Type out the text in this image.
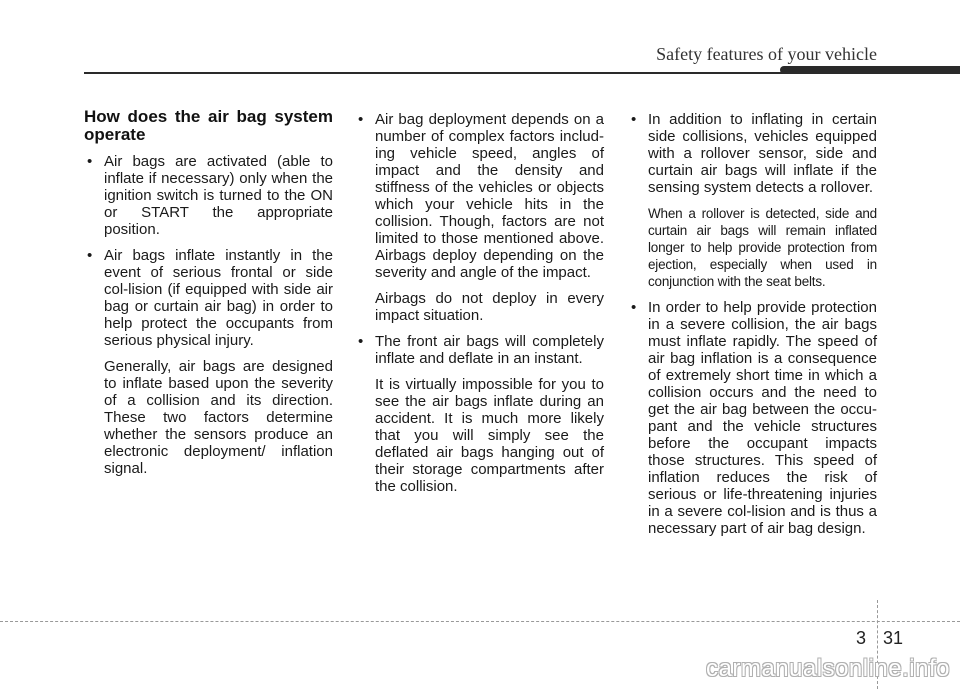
Safety features of your vehicle
How does the air bag system operate
• Air bags are activated (able to inflate if necessary) only when the ignition switch is turned to the ON or START the appropriate position.
• Air bags inflate instantly in the event of serious frontal or side col-lision (if equipped with side air bag or curtain air bag) in order to help protect the occupants from serious physical injury.
Generally, air bags are designed to inflate based upon the severity of a collision and its direction. These two factors determine whether the sensors produce an electronic deployment/ inflation signal.
• Air bag deployment depends on a number of complex factors includ-ing vehicle speed, angles of impact and the density and stiffness of the vehicles or objects which your vehicle hits in the collision. Though, factors are not limited to those mentioned above. Airbags deploy depending on the severity and angle of the impact.
Airbags do not deploy in every impact situation.
• The front air bags will completely inflate and deflate in an instant.
It is virtually impossible for you to see the air bags inflate during an accident. It is much more likely that you will simply see the deflated air bags hanging out of their storage compartments after the collision.
• In addition to inflating in certain side collisions, vehicles equipped with a rollover sensor, side and curtain air bags will inflate if the sensing system detects a rollover.
When a rollover is detected, side and curtain air bags will remain inflated longer to help provide protection from ejection, especially when used in conjunction with the seat belts.
• In order to help provide protection in a severe collision, the air bags must inflate rapidly. The speed of air bag inflation is a consequence of extremely short time in which a collision occurs and the need to get the air bag between the occu-pant and the vehicle structures before the occupant impacts those structures. This speed of inflation reduces the risk of serious or life-threatening injuries in a severe col-lision and is thus a necessary part of air bag design.
3 31
carmanualsonline.info
